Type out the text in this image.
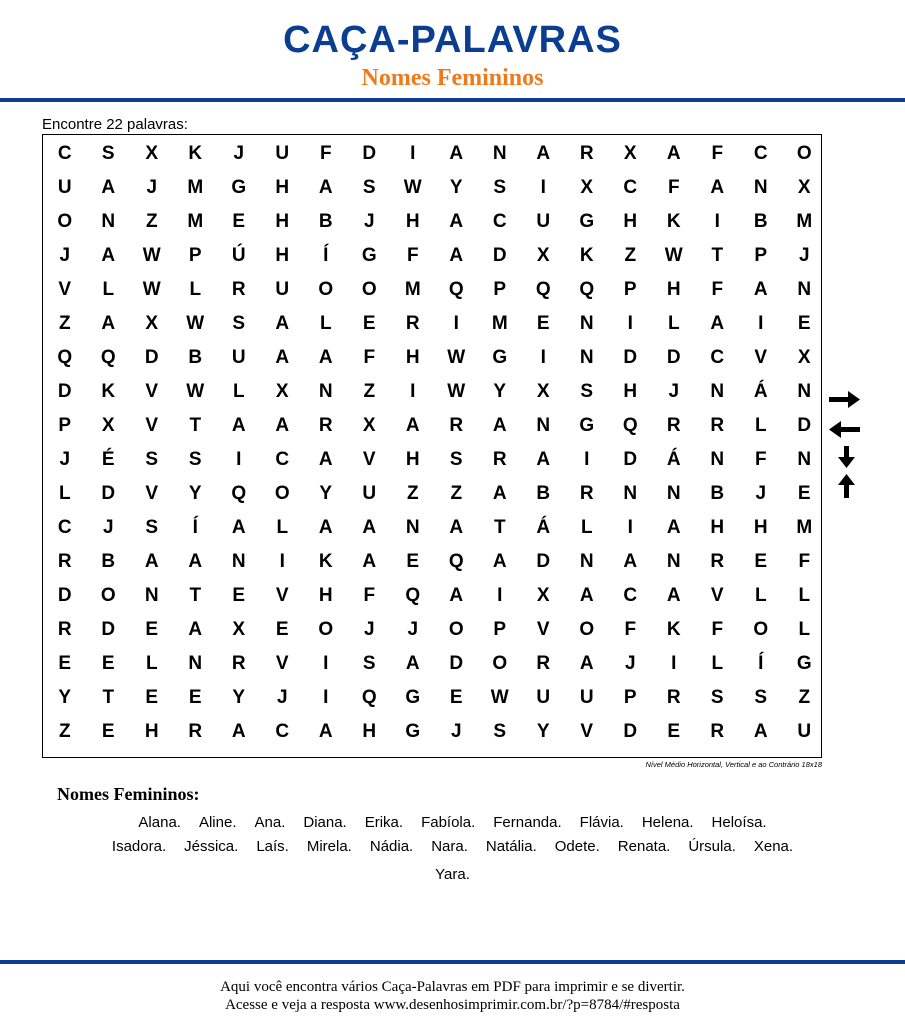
CAÇA-PALAVRAS
Nomes Femininos
Encontre 22 palavras:
C	S	X	K	J	U	F	D	I	A	N	A	R	X	A	F	C	O
U	A	J	M	G	H	A	S	W	Y	S	I	X	C	F	A	N	X
O	N	Z	M	E	H	B	J	H	A	C	U	G	H	K	I	B	M
J	A	W	P	Ú	H	Í	G	F	A	D	X	K	Z	W	T	P	J
V	L	W	L	R	U	O	O	M	Q	P	Q	Q	P	H	F	A	N
Z	A	X	W	S	A	L	E	R	I	M	E	N	I	L	A	I	E
Q	Q	D	B	U	A	A	F	H	W	G	I	N	D	D	C	V	X
D	K	V	W	L	X	N	Z	I	W	Y	X	S	H	J	N	Á	N
P	X	V	T	A	A	R	X	A	R	A	N	G	Q	R	R	L	D
J	É	S	S	I	C	A	V	H	S	R	A	I	D	Á	N	F	N
L	D	V	Y	Q	O	Y	U	Z	Z	A	B	R	N	N	B	J	E
C	J	S	Í	A	L	A	A	N	A	T	Á	L	I	A	H	H	M
R	B	A	A	N	I	K	A	E	Q	A	D	N	A	N	R	E	F
D	O	N	T	E	V	H	F	Q	A	I	X	A	C	A	V	L	L
R	D	E	A	X	E	O	J	J	O	P	V	O	F	K	F	O	L
E	E	L	N	R	V	I	S	A	D	O	R	A	J	I	L	Í	G
Y	T	E	E	Y	J	I	Q	G	E	W	U	U	P	R	S	S	Z
Z	E	H	R	A	C	A	H	G	J	S	Y	V	D	E	R	A	U
Nível Médio Horizontal, Vertical e ao Contrário 18x18
Nomes Femininos:
Alana. Aline. Ana. Diana. Erika. Fabíola. Fernanda. Flávia. Helena. Heloísa.
Isadora. Jéssica. Laís. Mirela. Nádia. Nara. Natália. Odete. Renata. Úrsula. Xena.
Yara.
Aqui você encontra vários Caça-Palavras em PDF para imprimir e se divertir.
Acesse e veja a resposta www.desenhosimprimir.com.br/?p=8784/#resposta
